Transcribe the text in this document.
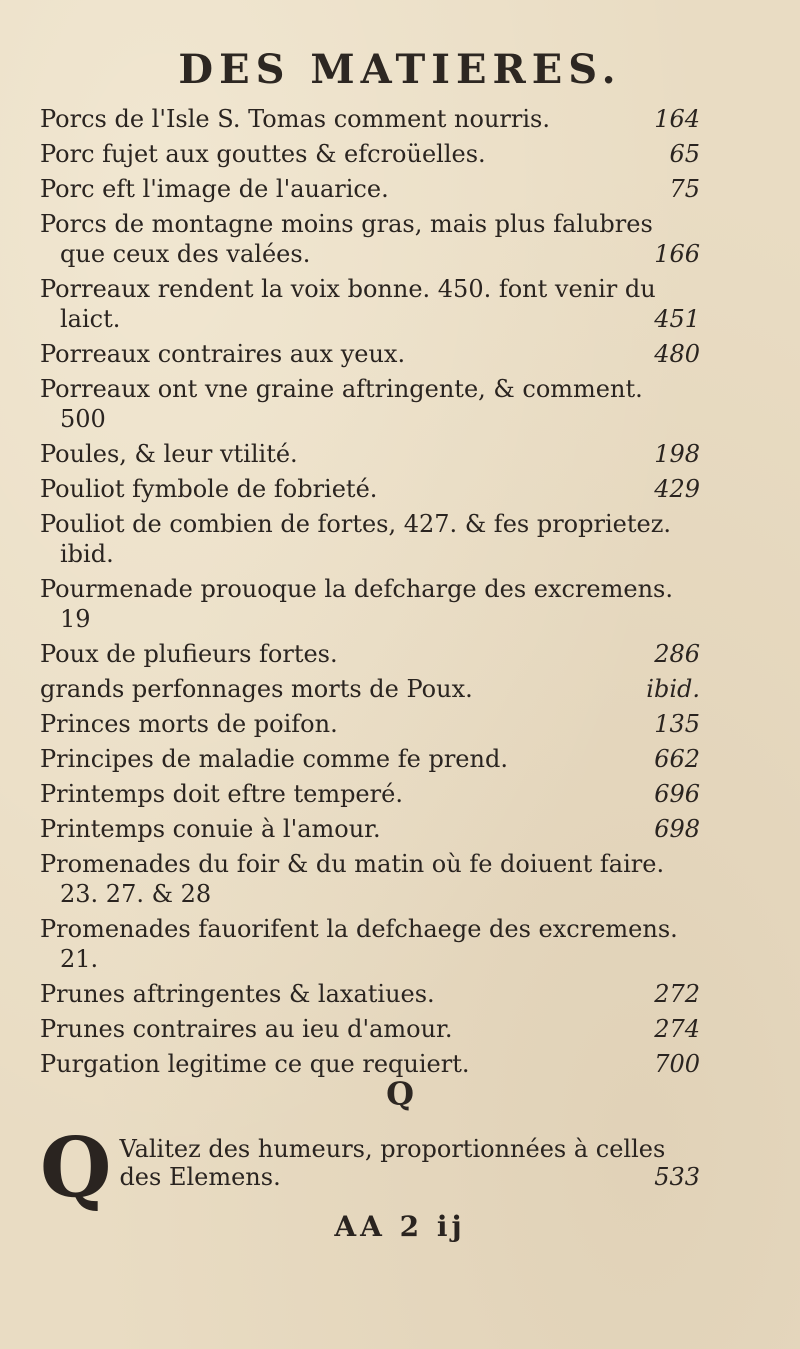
DES MATIERES.
Porcs de l'Isle S. Tomas comment nourris.	164
Porc fujet aux gouttes & efcroüelles.	65
Porc eft l'image de l'auarice.	75
Porcs de montagne moins gras, mais plus falubres
que ceux des valées.	166
Porreaux rendent la voix bonne. 450. font venir du
laict.	451
Porreaux contraires aux yeux.	480
Porreaux ont vne graine aftringente, & comment.
500
Poules, & leur vtilité.	198
Pouliot fymbole de fobrieté.	429
Pouliot de combien de fortes, 427. & fes proprietez.
ibid.
Pourmenade prouoque la defcharge des excremens.
19
Poux de plufieurs fortes.	286
grands perfonnages morts de Poux.	ibid.
Princes morts de poifon.	135
Principes de maladie comme fe prend.	662
Printemps doit eftre temperé.	696
Printemps conuie à l'amour.	698
Promenades du foir & du matin où fe doiuent faire.
23. 27. & 28
Promenades fauorifent la defchaege des excremens.
21.
Prunes aftringentes & laxatiues.	272
Prunes contraires au ieu d'amour.	274
Purgation legitime ce que requiert.	700
Q
Q Valitez des humeurs, proportionnées à celles
des Elemens.	533
AA 2 ij
